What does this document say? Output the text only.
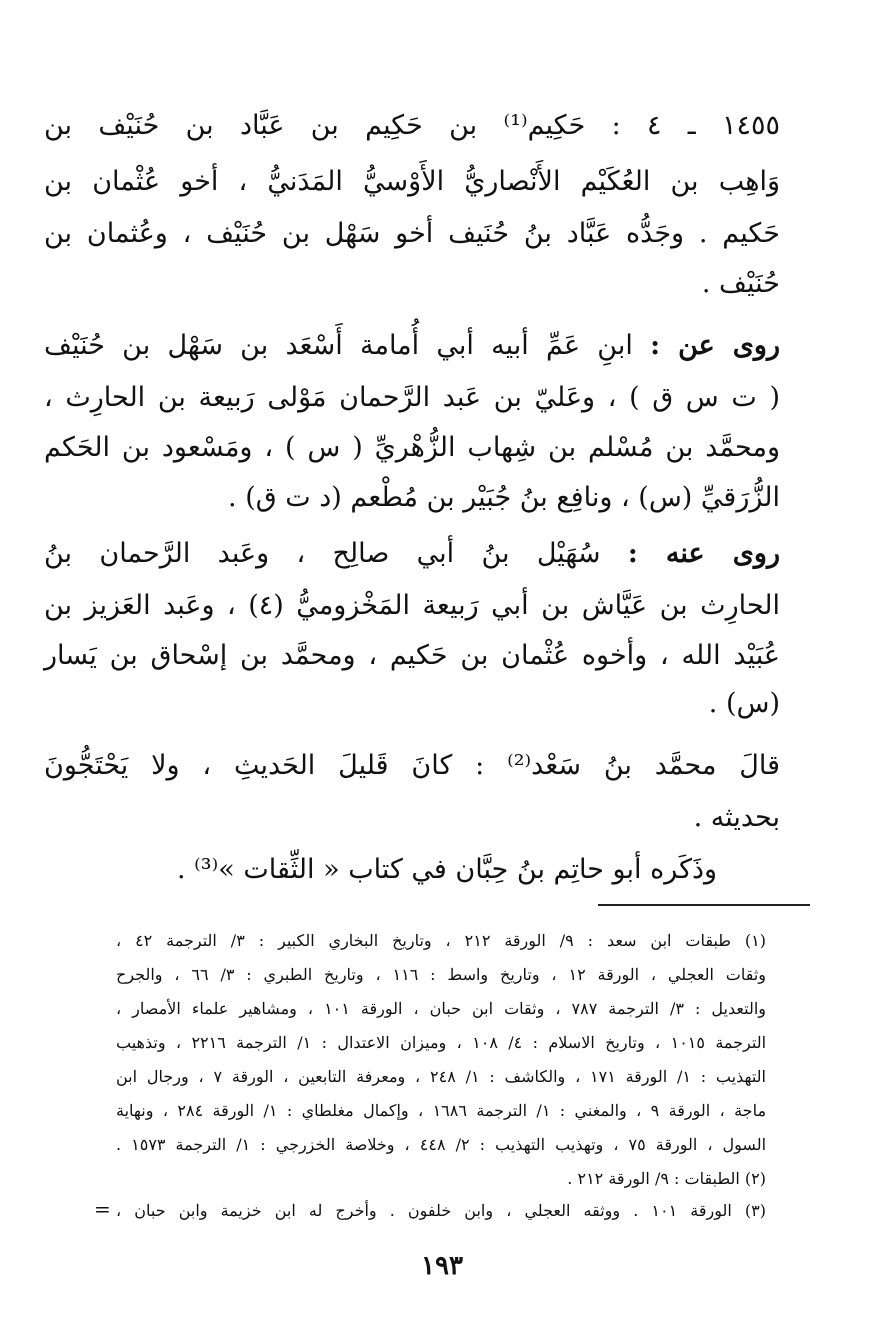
١٤٥٥ ـ ٤ : حَكِيم⁽¹⁾ بن حَكِيم بن عَبَّاد بن حُنَيْف بن
وَاهِب بن العُكَيْم الأَنْصاريُّ الأَوْسيُّ المَدَنيُّ ، أخو عُثْمان بن
حَكيم . وجَدُّه عَبَّاد بنُ حُنَيف أخو سَهْل بن حُنَيْف ، وعُثمان بن
حُنَيْف .
روى عن : ابنِ عَمِّ أبيه أبي أُمامة أَسْعَد بن سَهْل بن حُنَيْف
( ت س ق ) ، وعَليّ بن عَبد الرَّحمان مَوْلى رَبيعة بن الحارِث ،
ومحمَّد بن مُسْلم بن شِهاب الزُّهْريِّ ( س ) ، ومَسْعود بن الحَكم
الزُّرَقيِّ (س) ، ونافِع بنُ جُبَيْر بن مُطْعم (د ت ق) .
روى عنه : سُهَيْل بنُ أبي صالِح ، وعَبد الرَّحمان بنُ
الحارِث بن عَيَّاش بن أبي رَبيعة المَخْزوميُّ (٤) ، وعَبد العَزيز بن
عُبَيْد الله ، وأخوه عُثْمان بن حَكيم ، ومحمَّد بن إسْحاق بن يَسار
(س) .
قالَ محمَّد بنُ سَعْد⁽²⁾ : كانَ قَليلَ الحَديثِ ، ولا يَحْتَجُّونَ
بحديثه .
وذَكَره أبو حاتِم بنُ حِبَّان في كتاب « الثِّقات »⁽³⁾ .
(١) طبقات ابن سعد : ٩/ الورقة ٢١٢ ، وتاريخ البخاري الكبير : ٣/ الترجمة ٤٢ ،
وثقات العجلي ، الورقة ١٢ ، وتاريخ واسط : ١١٦ ، وتاريخ الطبري : ٣/ ٦٦ ، والجرح
والتعديل : ٣/ الترجمة ٧٨٧ ، وثقات ابن حبان ، الورقة ١٠١ ، ومشاهير علماء الأمصار ،
الترجمة ١٠١٥ ، وتاريخ الاسلام : ٤/ ١٠٨ ، وميزان الاعتدال : ١/ الترجمة ٢٢١٦ ، وتذهيب
التهذيب : ١/ الورقة ١٧١ ، والكاشف : ١/ ٢٤٨ ، ومعرفة التابعين ، الورقة ٧ ، ورجال ابن
ماجة ، الورقة ٩ ، والمغني : ١/ الترجمة ١٦٨٦ ، وإكمال مغلطاي : ١/ الورقة ٢٨٤ ، ونهاية
السول ، الورقة ٧٥ ، وتهذيب التهذيب : ٢/ ٤٤٨ ، وخلاصة الخزرجي : ١/ الترجمة ١٥٧٣ .
(٢) الطبقات : ٩/ الورقة ٢١٢ .
(٣) الورقة ١٠١ . ووثقه العجلي ، وابن خلفون . وأخرج له ابن خزيمة وابن حبان ،
=
١٩٣
